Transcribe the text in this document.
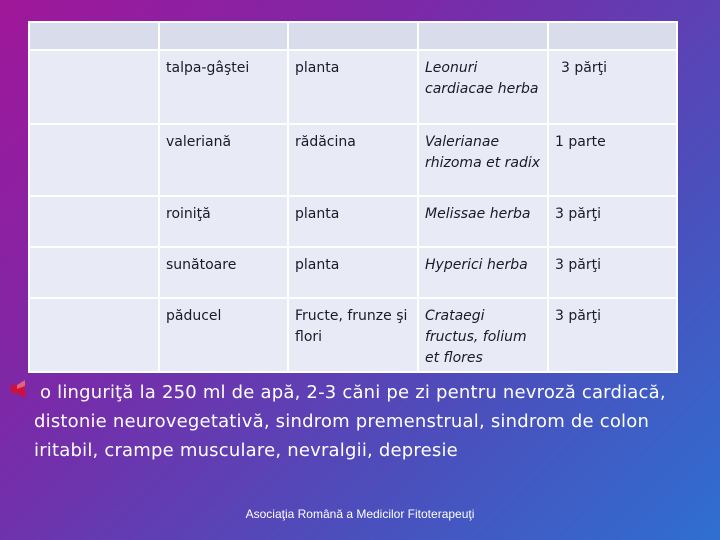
	talpa-gâştei	planta	Leonuri cardiacae herba	3 părţi
	valeriană	rădăcina	Valerianae rhizoma et radix	1 parte
	roiniţă	planta	Melissae herba	3 părţi
	sunătoare	planta	Hyperici herba	3 părţi
	păducel	Fructe, frunze şi flori	Crataegi fructus, folium et flores	3 părţi
o linguriţă la 250 ml de apă, 2-3 căni pe zi pentru nevroză cardiacă, distonie neurovegetativă, sindrom premenstrual, sindrom de colon iritabil, crampe musculare, nevralgii, depresie
Asociaţia Română a Medicilor Fitoterapeuţi
